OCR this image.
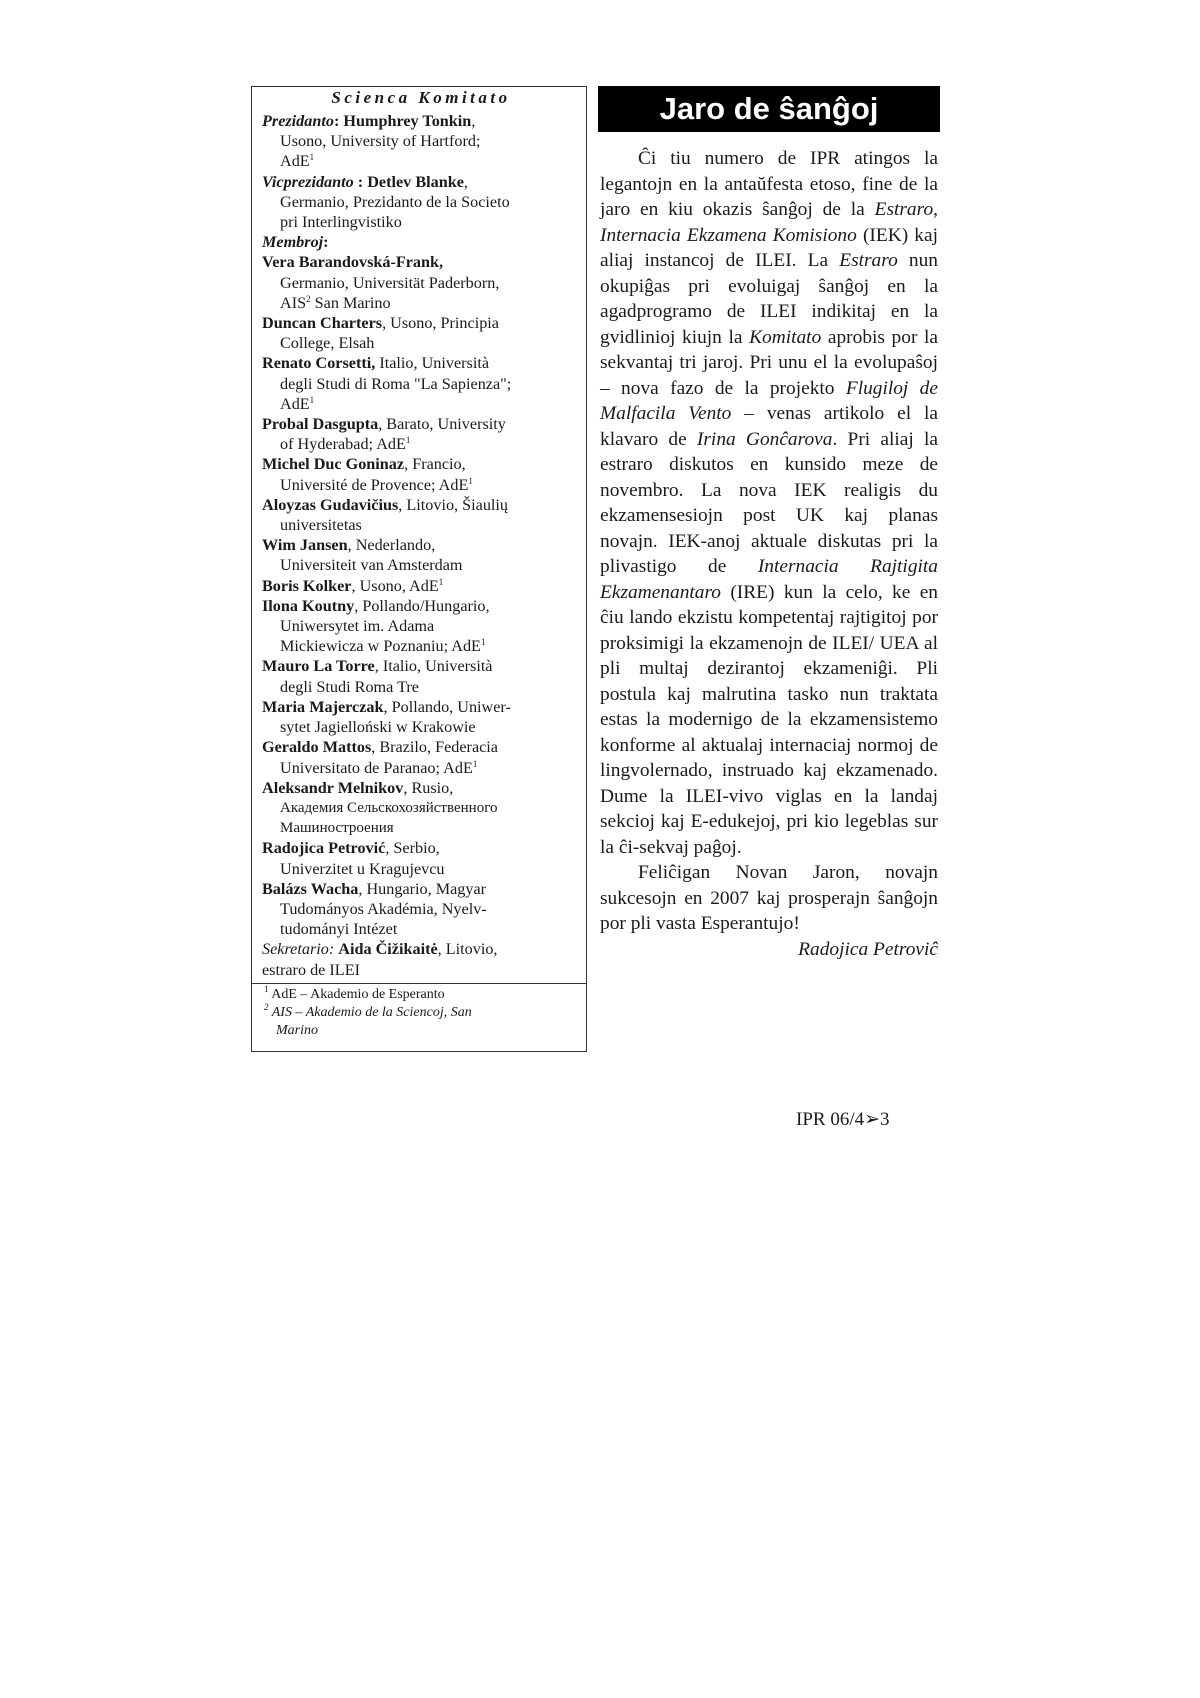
Scienca Komitato
Prezidanto: Humphrey Tonkin,
Usono, University of Hartford;
AdE$^1$
Vicprezidanto : Detlev Blanke,
Germanio, Prezidanto de la Societo
pri Interlingvistiko
Membroj:
Vera Barandovská-Frank,
Germanio, Universität Paderborn,
AIS$^2$ San Marino
Duncan Charters, Usono, Principia
College, Elsah
Renato Corsetti, Italio, Università
degli Studi di Roma "La Sapienza";
AdE$^1$
Probal Dasgupta, Barato, University
of Hyderabad; AdE$^1$
Michel Duc Goninaz, Francio,
Université de Provence; AdE$^1$
Aloyzas Gudavičius, Litovio, Šiaulių
universitetas
Wim Jansen, Nederlando,
Universiteit van Amsterdam
Boris Kolker, Usono, AdE$^1$
Ilona Koutny, Pollando/Hungario,
Uniwersytet im. Adama
Mickiewicza w Poznaniu; AdE$^1$
Mauro La Torre, Italio, Università
degli Studi Roma Tre
Maria Majerczak, Pollando, Uniwer-
sytet Jagielloński w Krakowie
Geraldo Mattos, Brazilo, Federacia
Universitato de Paranao; AdE$^1$
Aleksandr Melnikov, Rusio,
Академия Сельскохозяйственного
Машиностроения
Radojica Petrović, Serbio,
Univerzitet u Kragujevcu
Balázs Wacha, Hungario, Magyar
Tudományos Akadémia, Nyelv-
tudományi Intézet
Sekretario: Aida Čižikaitė, Litovio,
estraro de ILEI
$^1$ AdE – Akademio de Esperanto
$^2$ AIS – Akademio de la Sciencoj, San
Marino
Jaro de ŝanĝoj

Ĉi tiu numero de IPR atingos la legantojn en la antaŭfesta etoso, fine de la jaro en kiu okazis ŝanĝoj de la Estraro, Internacia Ekzamena Komisiono (IEK) kaj aliaj instancoj de ILEI. La Estraro nun okupiĝas pri evoluigaj ŝanĝoj en la agadprogramo de ILEI indikitaj en la gvidlinioj kiujn la Komitato aprobis por la sekvantaj tri jaroj. Pri unu el la evolupaŝoj – nova fazo de la projekto Flugiloj de Malfacila Vento – venas artikolo el la klavaro de Irina Gonĉarova. Pri aliaj la estraro diskutos en kunsido meze de novembro. La nova IEK realigis du ekzamensesiojn post UK kaj planas novajn. IEK-anoj aktuale diskutas pri la plivastigo de Internacia Rajtigita Ekzamenantaro (IRE) kun la celo, ke en ĉiu lando ekzistu kompetentaj rajtigitoj por proksimigi la ekzamenojn de ILEI/ UEA al pli multaj dezirantoj ekzameniĝi. Pli postula kaj malrutina tasko nun traktata estas la modernigo de la ekzamensistemo konforme al aktualaj internaciaj normoj de lingvolernado, instruado kaj ekzamenado. Dume la ILEI-vivo viglas en la landaj sekcioj kaj E-edukejoj, pri kio legeblas sur la ĉi-sekvaj paĝoj.

Feliĉigan Novan Jaron, novajn sukcesojn en 2007 kaj prosperajn ŝanĝojn por pli vasta Esperantujo!

Radojica Petroviĉ
IPR 06/4➢3
